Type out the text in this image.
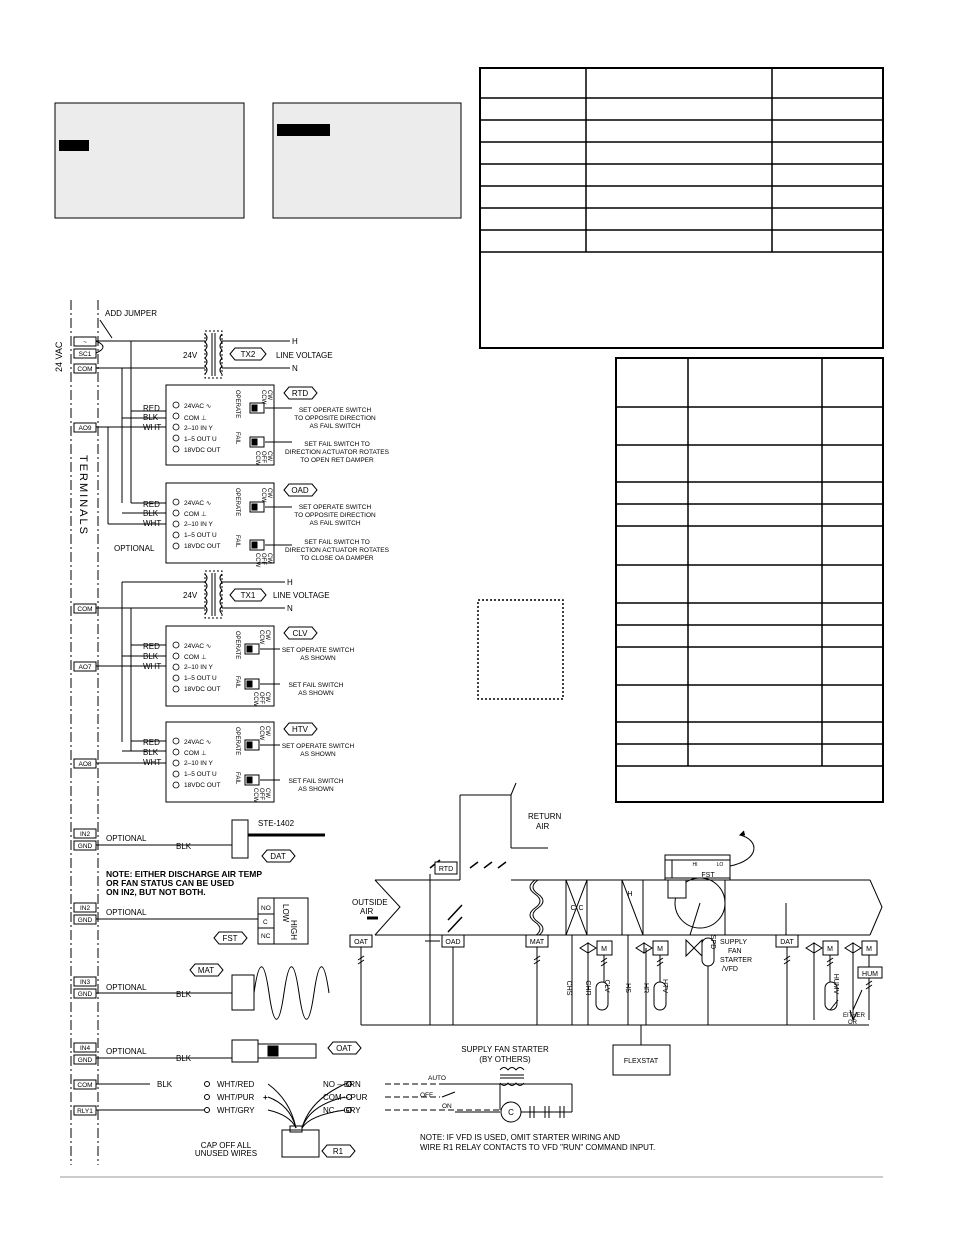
24 VAC
TERMINALS
~
SC1
COM
AO9
COM
AO7
AO8
IN2
GND
IN2
GND
IN3
GND
IN4
GND
COM
RLY1
ADD JUMPER
24V	TX2	LINE VOLTAGE
H
N
24VAC ∿
COM ⊥
2–10 IN Y
1–5 OUT U
18VDC OUT
24VAC ∿
COM ⊥
2–10 IN Y
1–5 OUT U
18VDC OUT
24VAC ∿
COM ⊥
2–10 IN Y
1–5 OUT U
18VDC OUT
24VAC ∿
COM ⊥
2–10 IN Y
1–5 OUT U
18VDC OUT
OPERATE
FAIL
OPERATE
FAIL
OPERATE
FAIL
OPERATE
FAIL
CW
CCW
CW
OFF
CCW
CW
CCW
CW
OFF
CCW
CW
CCW
CW
OFF
CCW
CW
CCW
CW
OFF
CCW
RED
BLK
WHT
RED
BLK
WHT
OPTIONAL
RTD
OAD
CLV
HTV
SET OPERATE SWITCH
TO OPPOSITE DIRECTION
AS FAIL SWITCH
SET FAIL SWITCH TO
DIRECTION ACTUATOR ROTATES
TO OPEN RET DAMPER
SET OPERATE SWITCH
TO OPPOSITE DIRECTION
AS FAIL SWITCH
SET FAIL SWITCH TO
DIRECTION ACTUATOR ROTATES
TO CLOSE OA DAMPER
SET OPERATE SWITCH
AS SHOWN
SET FAIL SWITCH
AS SHOWN
SET OPERATE SWITCH
AS SHOWN
SET FAIL SWITCH
AS SHOWN
24V	TX1 LINE VOLTAGE
H
N
RED
BLK
WHT
RED
BLK
WHT
OPTIONAL
BLK
STE-1402
DAT
NOTE: EITHER DISCHARGE AIR TEMP
OR FAN STATUS CAN BE USED
ON IN2, BUT NOT BOTH.
OPTIONAL	NO
C
NC
LOW
HIGH
FST
OPTIONAL
BLK
MAT
OPTIONAL
BLK
OAT
BLK	WHT/RED
WHT/PUR +
WHT/GRY
NO – BRN
COM – PUR
NC – GRY
CAP OFF ALL
UNUSED WIRES	R1
SUPPLY FAN STARTER
(BY OTHERS)
AUTO
OFF
ON
C
NOTE: IF VFD IS USED, OMIT STARTER WIRING AND
WIRE R1 RELAY CONTACTS TO VFD "RUN" COMMAND INPUT.
RTD
OAD
OAT	MAT	DAT
FST
HI	LO
HUM
FLEXSTAT
C C
H
RETURN
AIR
OUTSIDE
AIR
SUPPLY
FAN
STARTER
/VFD
EITHER
OR
M	M	M	M
CLV	HTV	HUMV
SPD
CHS CHR	HS HR
